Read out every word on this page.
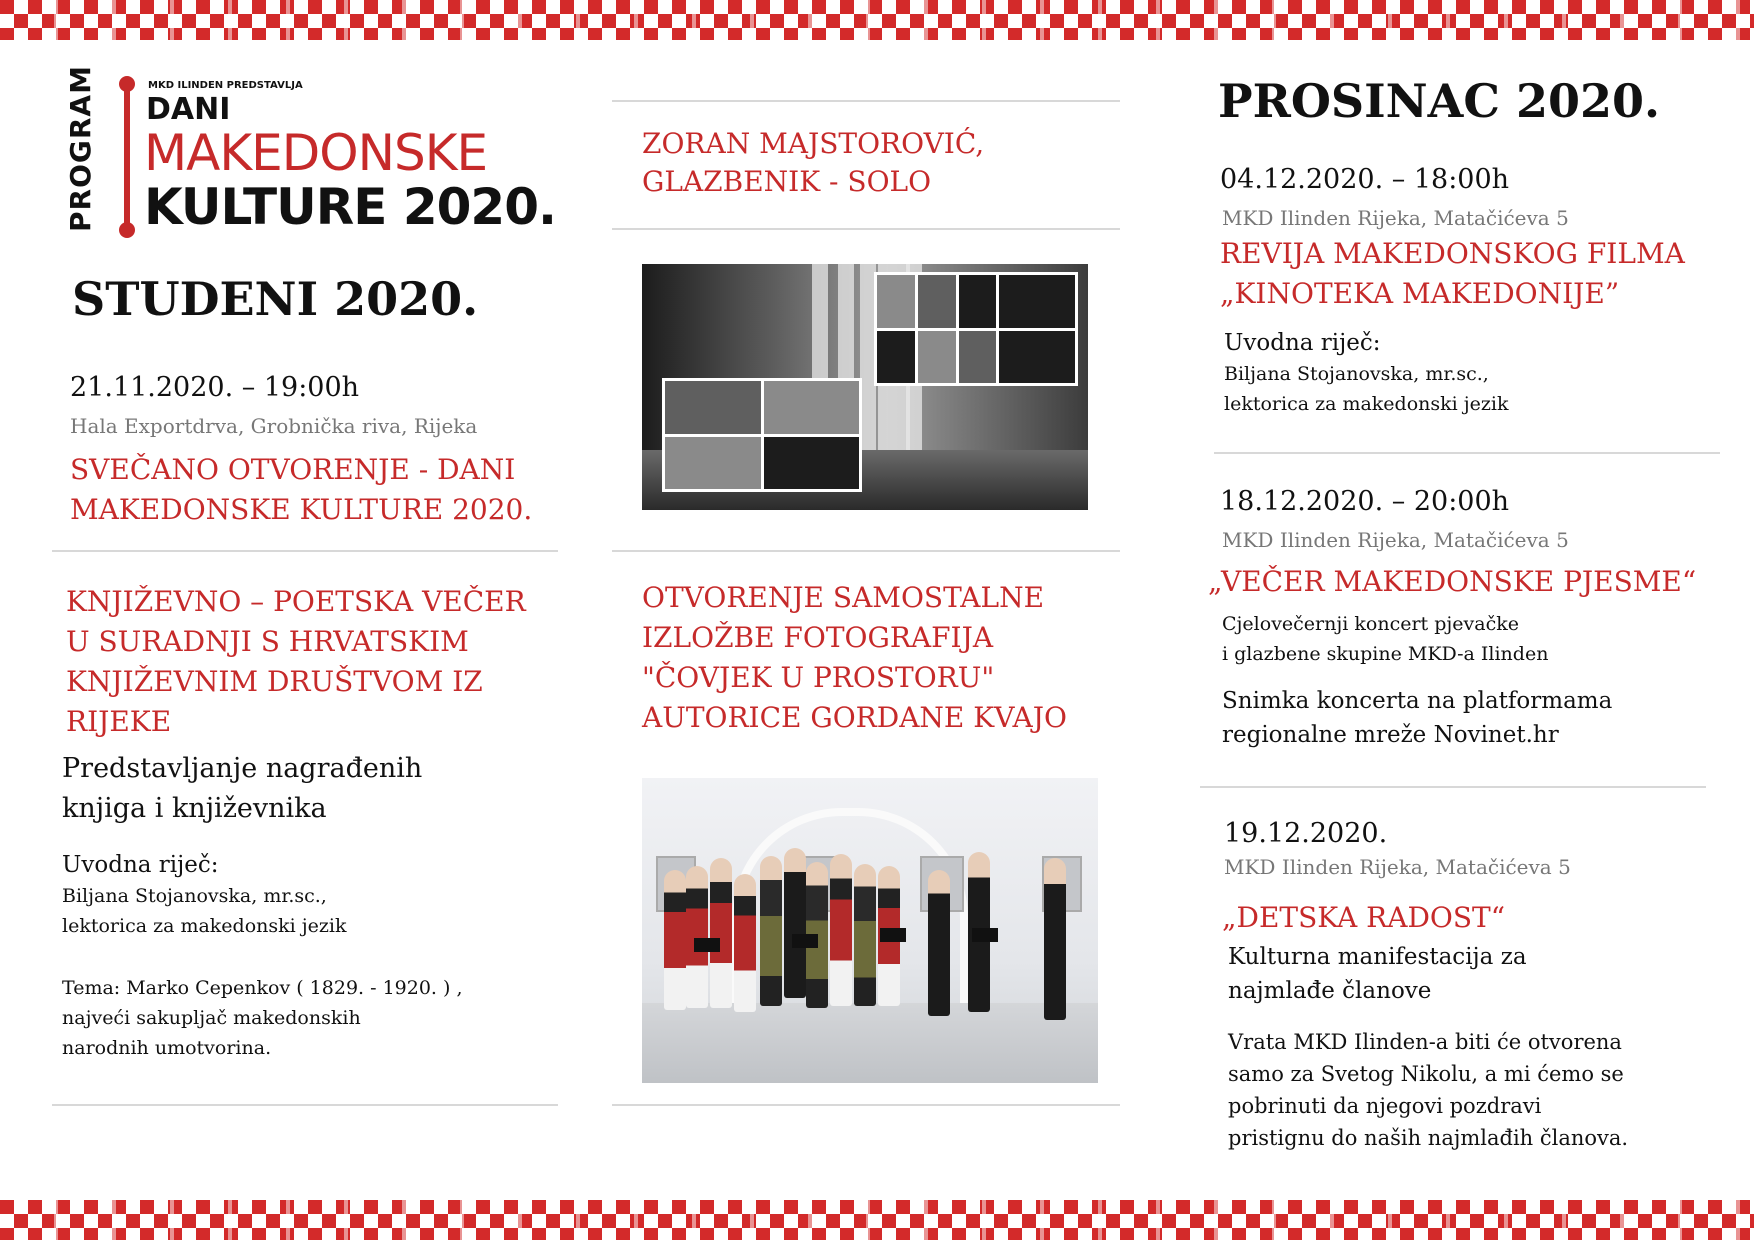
PROGRAM	MKD ILINDEN PREDSTAVLJA
DANI
MAKEDONSKE
KULTURE 2020.
STUDENI 2020.
21.11.2020. – 19:00h
Hala Exportdrva, Grobnička riva, Rijeka
SVEČANO OTVORENJE - DANI
MAKEDONSKE KULTURE 2020.
KNJIŽEVNO – POETSKA VEČER
U SURADNJI S HRVATSKIM
KNJIŽEVNIM DRUŠTVOM IZ
RIJEKE
Predstavljanje nagrađenih
knjiga i književnika
Uvodna riječ:
Biljana Stojanovska, mr.sc.,
lektorica za makedonski jezik
Tema: Marko Cepenkov ( 1829. - 1920. ) ,
najveći sakupljač makedonskih
narodnih umotvorina.
ZORAN MAJSTOROVIĆ,
GLAZBENIK - SOLO
OTVORENJE SAMOSTALNE
IZLOŽBE FOTOGRAFIJA
"ČOVJEK U PROSTORU"
AUTORICE GORDANE KVAJO
PROSINAC 2020.
04.12.2020. – 18:00h
MKD Ilinden Rijeka, Matačićeva 5
REVIJA MAKEDONSKOG FILMA
„KINOTEKA MAKEDONIJE”
Uvodna riječ:
Biljana Stojanovska, mr.sc.,
lektorica za makedonski jezik
18.12.2020. – 20:00h
MKD Ilinden Rijeka, Matačićeva 5
„VEČER MAKEDONSKE PJESME“
Cjelovečernji koncert pjevačke
i glazbene skupine MKD-a Ilinden
Snimka koncerta na platformama
regionalne mreže Novinet.hr
19.12.2020.
MKD Ilinden Rijeka, Matačićeva 5
„DETSKA RADOST“
Kulturna manifestacija za
najmlađe članove
Vrata MKD Ilinden-a biti će otvorena
samo za Svetog Nikolu, a mi ćemo se
pobrinuti da njegovi pozdravi
pristignu do naših najmlađih članova.
